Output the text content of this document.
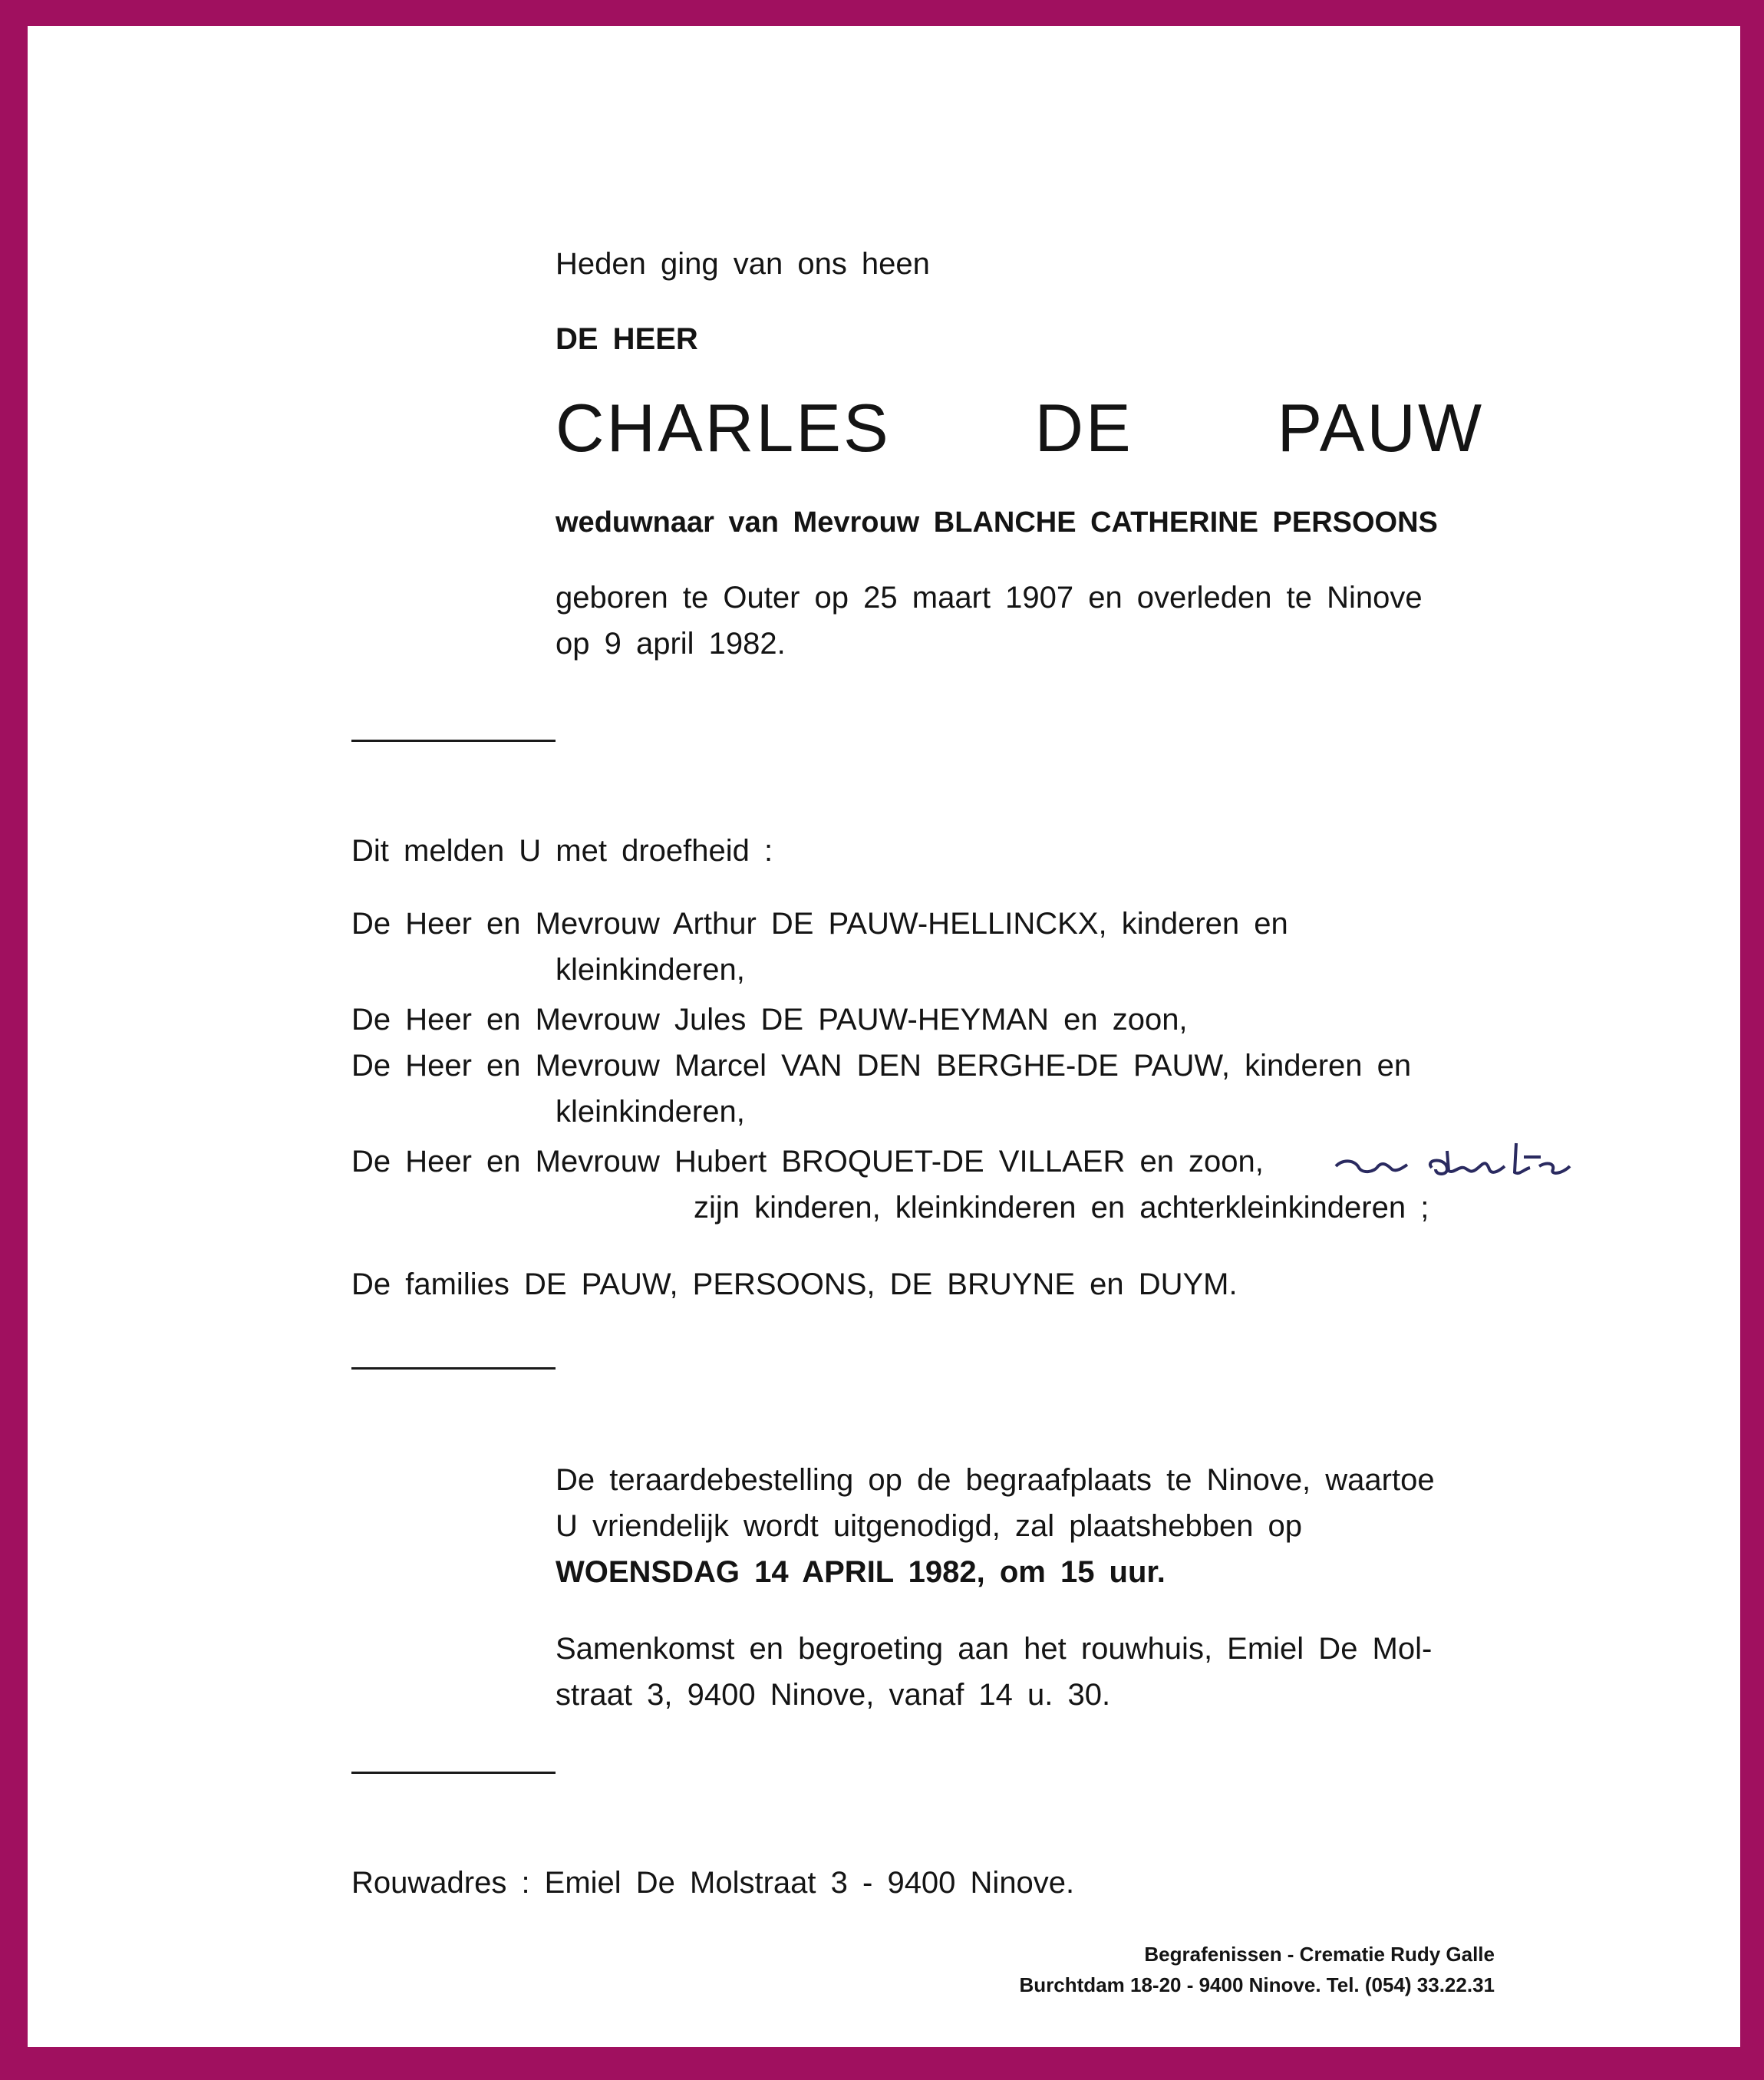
Heden ging van ons heen
DE HEER
CHARLES DE PAUW
weduwnaar van Mevrouw BLANCHE CATHERINE PERSOONS
geboren te Outer op 25 maart 1907 en overleden te Ninove
op 9 april 1982.
Dit melden U met droefheid :
De Heer en Mevrouw Arthur DE PAUW-HELLINCKX, kinderen en
kleinkinderen,
De Heer en Mevrouw Jules DE PAUW-HEYMAN en zoon,
De Heer en Mevrouw Marcel VAN DEN BERGHE-DE PAUW, kinderen en
kleinkinderen,
De Heer en Mevrouw Hubert BROQUET-DE VILLAER en zoon,
zijn kinderen, kleinkinderen en achterkleinkinderen ;
De families DE PAUW, PERSOONS, DE BRUYNE en DUYM.
De teraardebestelling op de begraafplaats te Ninove, waartoe
U vriendelijk wordt uitgenodigd, zal plaatshebben op
WOENSDAG 14 APRIL 1982, om 15 uur.
Samenkomst en begroeting aan het rouwhuis, Emiel De Mol-
straat 3, 9400 Ninove, vanaf 14 u. 30.
Rouwadres : Emiel De Molstraat 3 - 9400 Ninove.
Begrafenissen - Crematie Rudy Galle
Burchtdam 18-20 - 9400 Ninove. Tel. (054) 33.22.31
